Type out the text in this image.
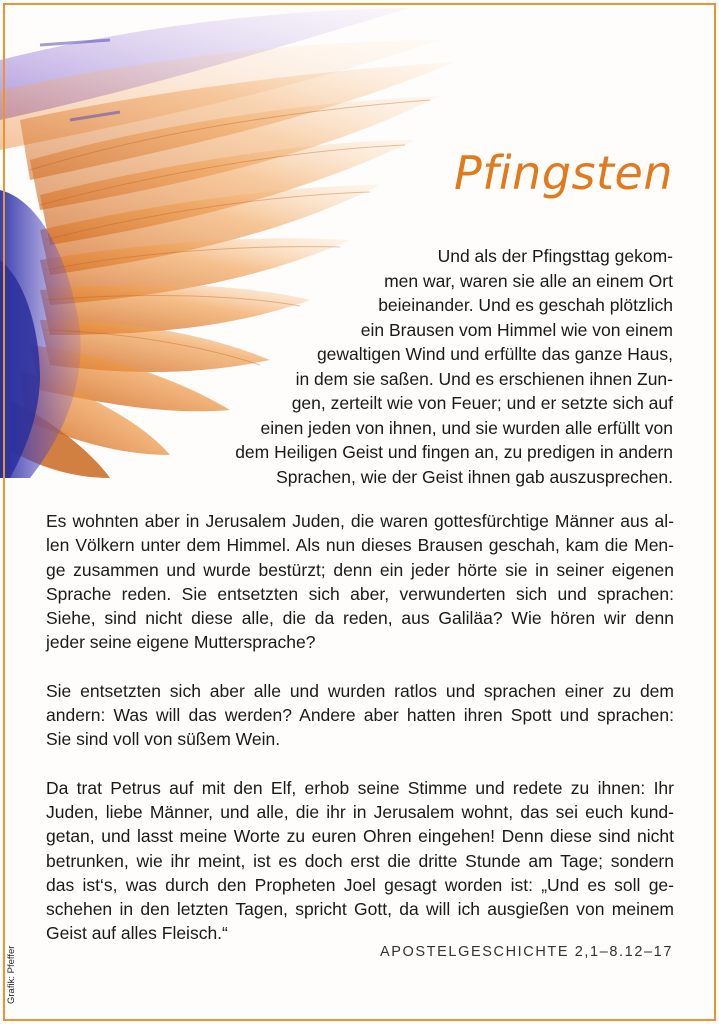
Pfingsten

Und als der Pfingsttag gekom-
men war, waren sie alle an einem Ort
beieinander. Und es geschah plötzlich
ein Brausen vom Himmel wie von einem
gewaltigen Wind und erfüllte das ganze Haus,
in dem sie saßen. Und es erschienen ihnen Zun-
gen, zerteilt wie von Feuer; und er setzte sich auf
einen jeden von ihnen, und sie wurden alle erfüllt von
dem Heiligen Geist und fingen an, zu predigen in andern
Sprachen, wie der Geist ihnen gab auszusprechen.

Es wohnten aber in Jerusalem Juden, die waren gottesfürchtige Männer aus al-
len Völkern unter dem Himmel. Als nun dieses Brausen geschah, kam die Men-
ge zusammen und wurde bestürzt; denn ein jeder hörte sie in seiner eigenen
Sprache reden. Sie entsetzten sich aber, verwunderten sich und sprachen:
Siehe, sind nicht diese alle, die da reden, aus Galiläa? Wie hören wir denn
jeder seine eigene Muttersprache?

Sie entsetzten sich aber alle und wurden ratlos und sprachen einer zu dem
andern: Was will das werden? Andere aber hatten ihren Spott und sprachen:
Sie sind voll von süßem Wein.

Da trat Petrus auf mit den Elf, erhob seine Stimme und redete zu ihnen: Ihr
Juden, liebe Männer, und alle, die ihr in Jerusalem wohnt, das sei euch kund-
getan, und lasst meine Worte zu euren Ohren eingehen! Denn diese sind nicht
betrunken, wie ihr meint, ist es doch erst die dritte Stunde am Tage; sondern
das ist‘s, was durch den Propheten Joel gesagt worden ist: „Und es soll ge-
schehen in den letzten Tagen, spricht Gott, da will ich ausgießen von meinem
Geist auf alles Fleisch.“

APOSTELGESCHICHTE 2,1–8.12–17

Grafik: Pfeffer
